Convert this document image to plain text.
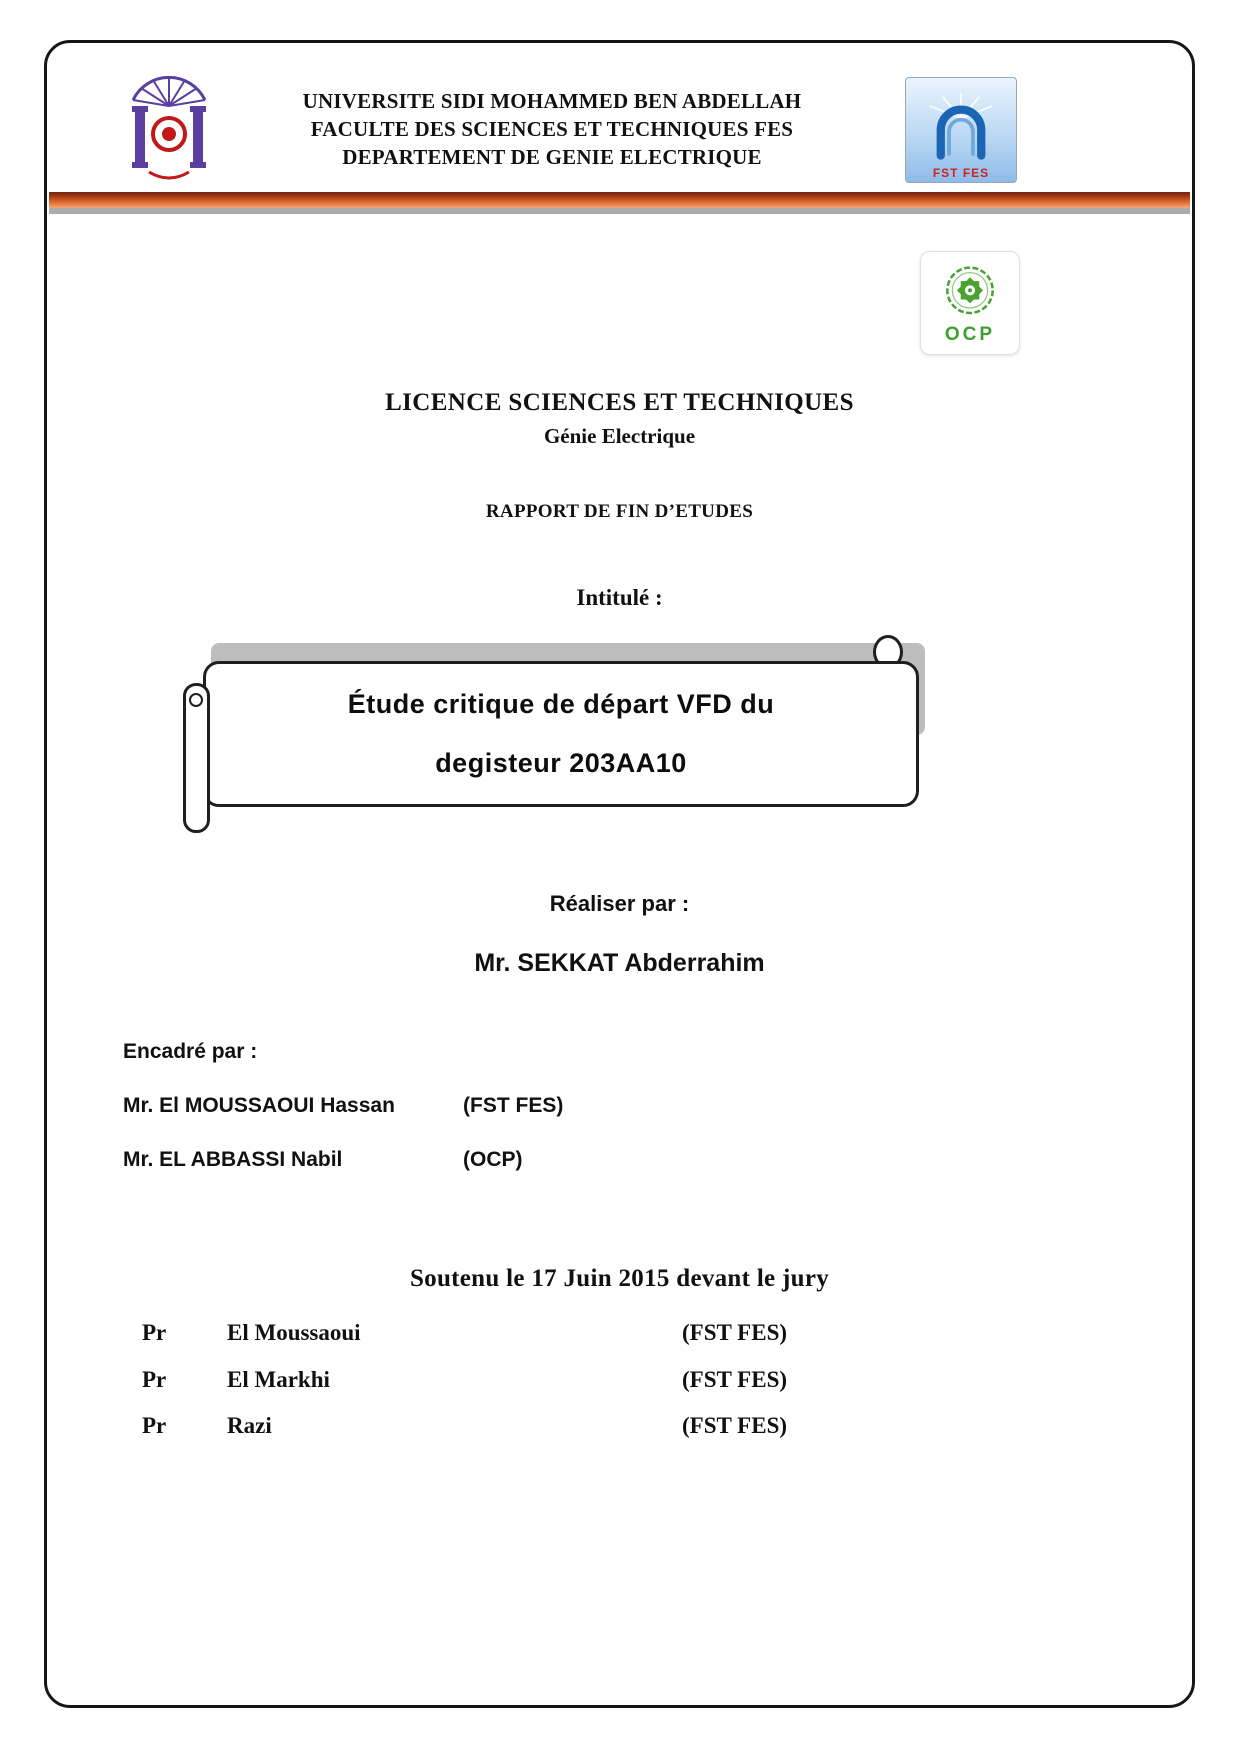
UNIVERSITE SIDI MOHAMMED BEN ABDELLAH
FACULTE DES SCIENCES ET TECHNIQUES FES
DEPARTEMENT DE GENIE ELECTRIQUE
FST FES
OCP
LICENCE SCIENCES ET TECHNIQUES
Génie Electrique
RAPPORT DE FIN D’ETUDES
Intitulé :
Étude critique de départ VFD du
degisteur 203AA10
Réaliser par :
Mr. SEKKAT Abderrahim
Encadré par :
Mr. El MOUSSAOUI Hassan	(FST FES)
Mr. EL ABBASSI Nabil	(OCP)
Soutenu le 17 Juin 2015 devant le jury
Pr	El Moussaoui	(FST FES)
Pr	El Markhi	(FST FES)
Pr	Razi	(FST FES)
